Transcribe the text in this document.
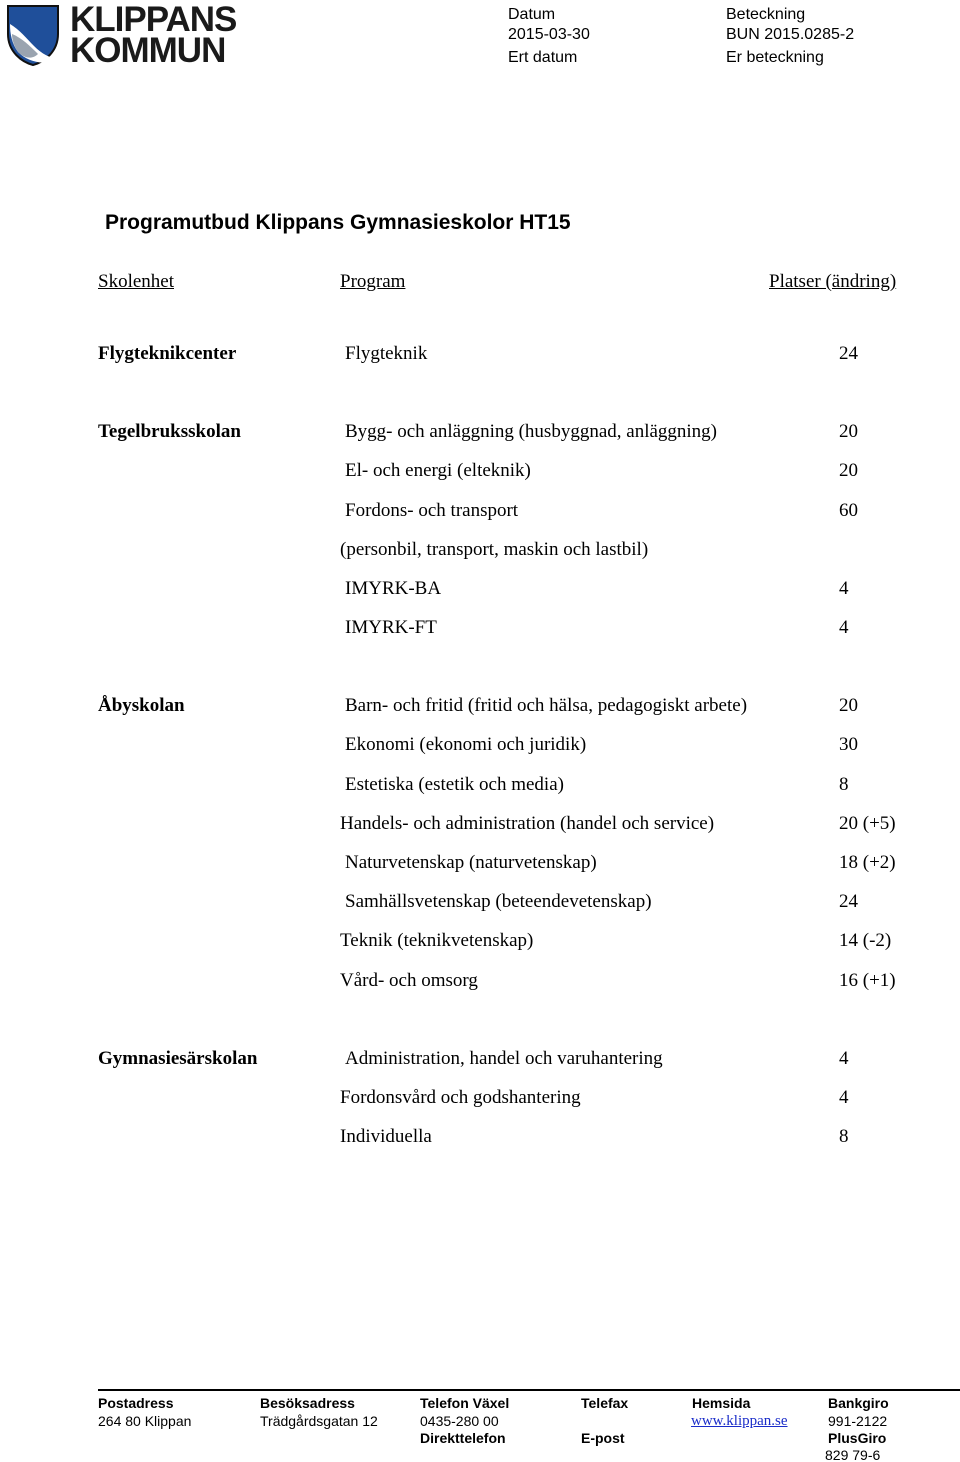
KLIPPANS
KOMMUN
Datum
2015-03-30
Ert datum
Beteckning
BUN 2015.0285-2
Er beteckning
Programutbud Klippans Gymnasieskolor HT15
Skolenhet	Program	Platser (ändring)
Flygteknikcenter	Flygteknik	24
Tegelbruksskolan	Bygg- och anläggning (husbyggnad, anläggning)	20
El- och energi (elteknik)	20
Fordons- och transport	60
(personbil, transport, maskin och lastbil)
IMYRK-BA	4
IMYRK-FT	4
Åbyskolan	Barn- och fritid (fritid och hälsa, pedagogiskt arbete)	20
Ekonomi (ekonomi och juridik)	30
Estetiska (estetik och media)	8
Handels- och administration (handel och service)	20 (+5)
Naturvetenskap (naturvetenskap)	18 (+2)
Samhällsvetenskap (beteendevetenskap)	24
Teknik (teknikvetenskap)	14 (-2)
Vård- och omsorg	16 (+1)
Gymnasiesärskolan	Administration, handel och varuhantering	4
Fordonsvård och godshantering	4
Individuella	8
Postadress
264 80 Klippan
Besöksadress
Trädgårdsgatan 12
Telefon Växel
0435-280 00
Direkttelefon
Telefax
E-post
Hemsida
www.klippan.se
Bankgiro
991-2122
PlusGiro
829 79-6
